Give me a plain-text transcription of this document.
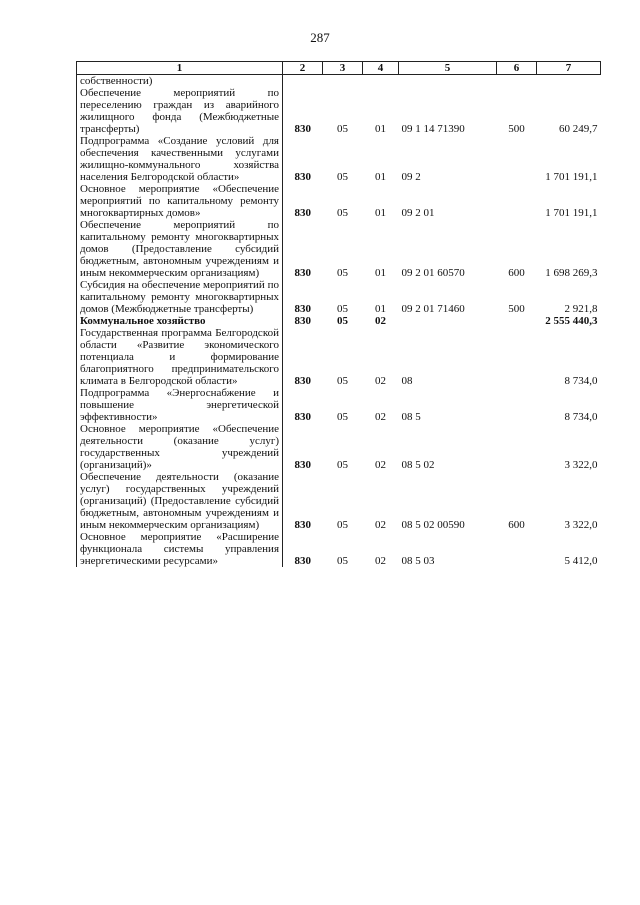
287
1	2	3	4	5	6	7
собственности)						
Обеспечение мероприятий по переселению граждан из аварийного жилищного фонда (Межбюджетные трансферты)	830	05	01	09 1 14 71390	500	60 249,7
Подпрограмма «Создание условий для обеспечения качественными услугами жилищно-коммунального хозяйства населения Белгородской области»	830	05	01	09 2		1 701 191,1
Основное мероприятие «Обеспечение мероприятий по капитальному ремонту многоквартирных домов»	830	05	01	09 2 01		1 701 191,1
Обеспечение мероприятий по капитальному ремонту многоквартирных домов (Предоставление субсидий бюджетным, автономным учреждениям и иным некоммерческим организациям)	830	05	01	09 2 01 60570	600	1 698 269,3
Субсидия на обеспечение мероприятий по капитальному ремонту многоквартирных домов (Межбюджетные трансферты)	830	05	01	09 2 01 71460	500	2 921,8
Коммунальное хозяйство	830	05	02			2 555 440,3
Государственная программа Белгородской области «Развитие экономического потенциала и формирование благоприятного предпринимательского климата в Белгородской области»	830	05	02	08		8 734,0
Подпрограмма «Энергоснабжение и повышение энергетической эффективности»	830	05	02	08 5		8 734,0
Основное мероприятие «Обеспечение деятельности (оказание услуг) государственных учреждений (организаций)»	830	05	02	08 5 02		3 322,0
Обеспечение деятельности (оказание услуг) государственных учреждений (организаций) (Предоставление субсидий бюджетным, автономным учреждениям и иным некоммерческим организациям)	830	05	02	08 5 02 00590	600	3 322,0
Основное мероприятие «Расширение функционала системы управления энергетическими ресурсами»	830	05	02	08 5 03		5 412,0
